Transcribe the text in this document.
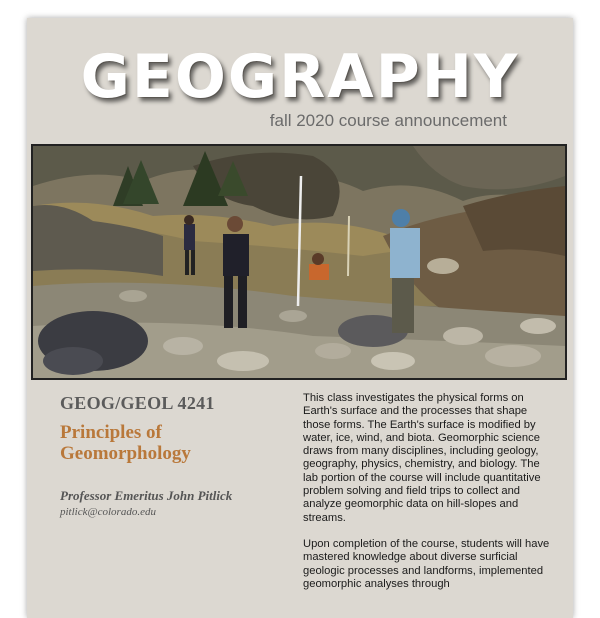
GEOGRAPHY
fall 2020 course announcement
GEOG/GEOL 4241
Principles of Geomorphology
Professor Emeritus John Pitlick
pitlick@colorado.edu

This class investigates the physical forms on Earth's surface and the processes that shape those forms. The Earth's surface is modified by water, ice, wind, and biota. Geomorphic science draws from many disciplines, including geology, geography, physics, chemistry, and biology. The lab portion of the course will include quantitative problem solving and field trips to collect and analyze geomorphic data on hill-slopes and streams.

Upon completion of the course, students will have mastered knowledge about diverse surficial geologic processes and landforms, implemented geomorphic analyses through
